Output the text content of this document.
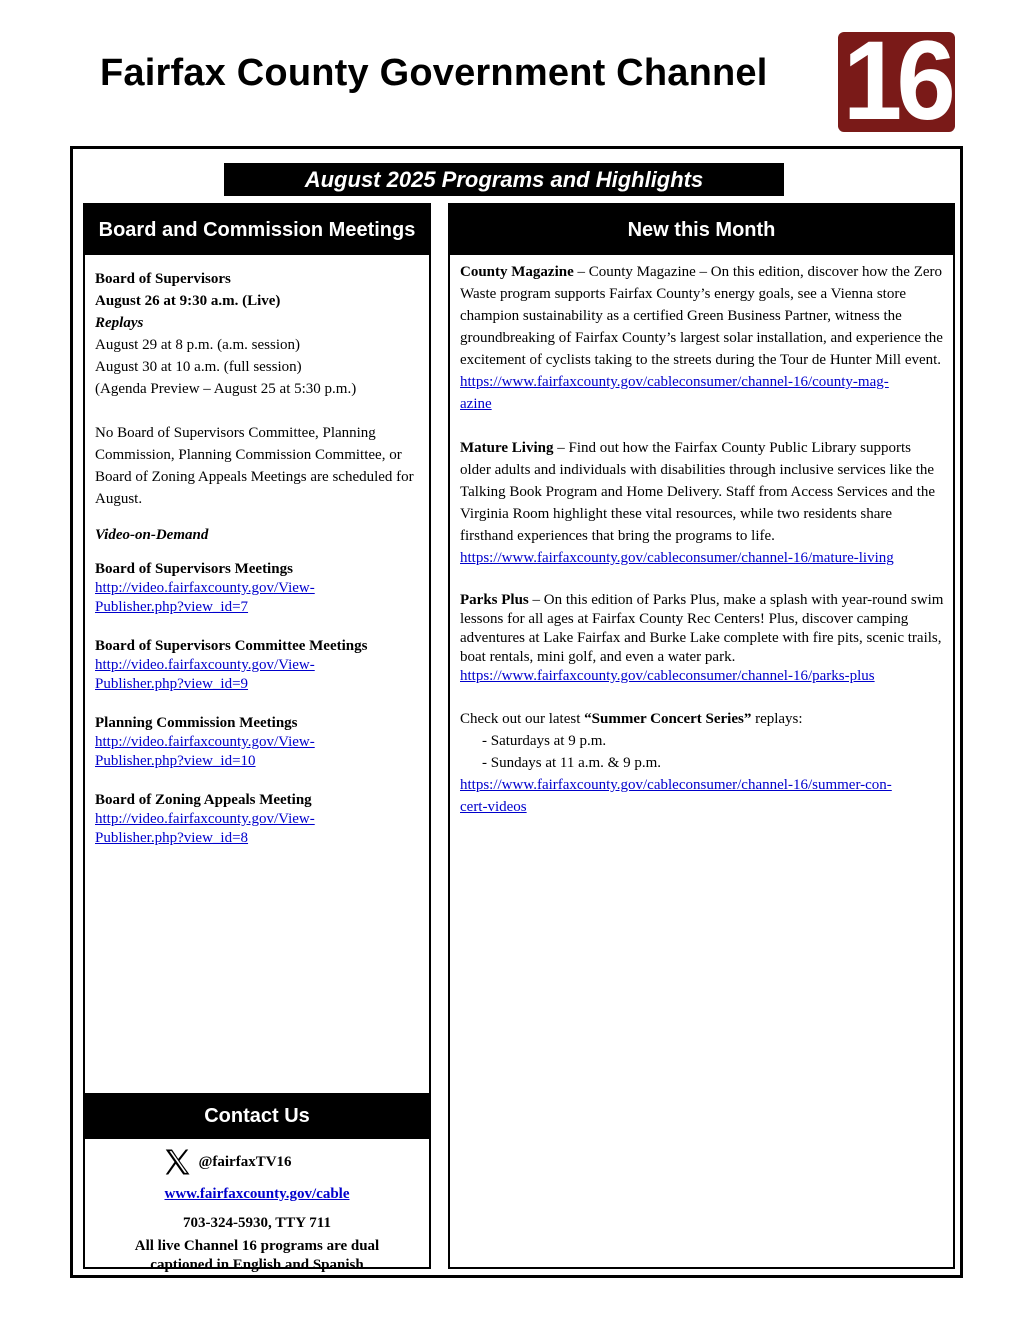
Fairfax County Government Channel 16
August 2025 Programs and Highlights
Board and Commission Meetings
Board of Supervisors
August 26 at 9:30 a.m. (Live)
Replays
August 29 at 8 p.m. (a.m. session)
August 30 at 10 a.m. (full session)
(Agenda Preview – August 25 at 5:30 p.m.)
No Board of Supervisors Committee, Planning Commission, Planning Commission Committee, or Board of Zoning Appeals Meetings are scheduled for August.
Video-on-Demand
Board of Supervisors Meetings
http://video.fairfaxcounty.gov/View-
Publisher.php?view_id=7
Board of Supervisors Committee Meetings
http://video.fairfaxcounty.gov/View-
Publisher.php?view_id=9
Planning Commission Meetings
http://video.fairfaxcounty.gov/View-
Publisher.php?view_id=10
Board of Zoning Appeals Meeting
http://video.fairfaxcounty.gov/View-
Publisher.php?view_id=8
Contact Us
@fairfaxTV16
www.fairfaxcounty.gov/cable
703-324-5930, TTY 711
All live Channel 16 programs are dual
captioned in English and Spanish
New this Month
County Magazine – County Magazine – On this edition, discover how the Zero Waste program supports Fairfax County’s energy goals, see a Vienna store champion sustainability as a certified Green Business Partner, witness the groundbreaking of Fairfax County’s largest solar installation, and experience the excitement of cyclists taking to the streets during the Tour de Hunter Mill event.
https://www.fairfaxcounty.gov/cableconsumer/channel-16/county-mag-
azine
Mature Living – Find out how the Fairfax County Public Library supports older adults and individuals with disabilities through inclusive services like the Talking Book Program and Home Delivery. Staff from Access Services and the Virginia Room highlight these vital resources, while two residents share firsthand experiences that bring the programs to life.
https://www.fairfaxcounty.gov/cableconsumer/channel-16/mature-living
Parks Plus – On this edition of Parks Plus, make a splash with year-round swim lessons for all ages at Fairfax County Rec Centers! Plus, discover camping adventures at Lake Fairfax and Burke Lake complete with fire pits, scenic trails, boat rentals, mini golf, and even a water park.
https://www.fairfaxcounty.gov/cableconsumer/channel-16/parks-plus
Check out our latest “Summer Concert Series” replays:
- Saturdays at 9 p.m.
- Sundays at 11 a.m. & 9 p.m.
https://www.fairfaxcounty.gov/cableconsumer/channel-16/summer-con-
cert-videos
